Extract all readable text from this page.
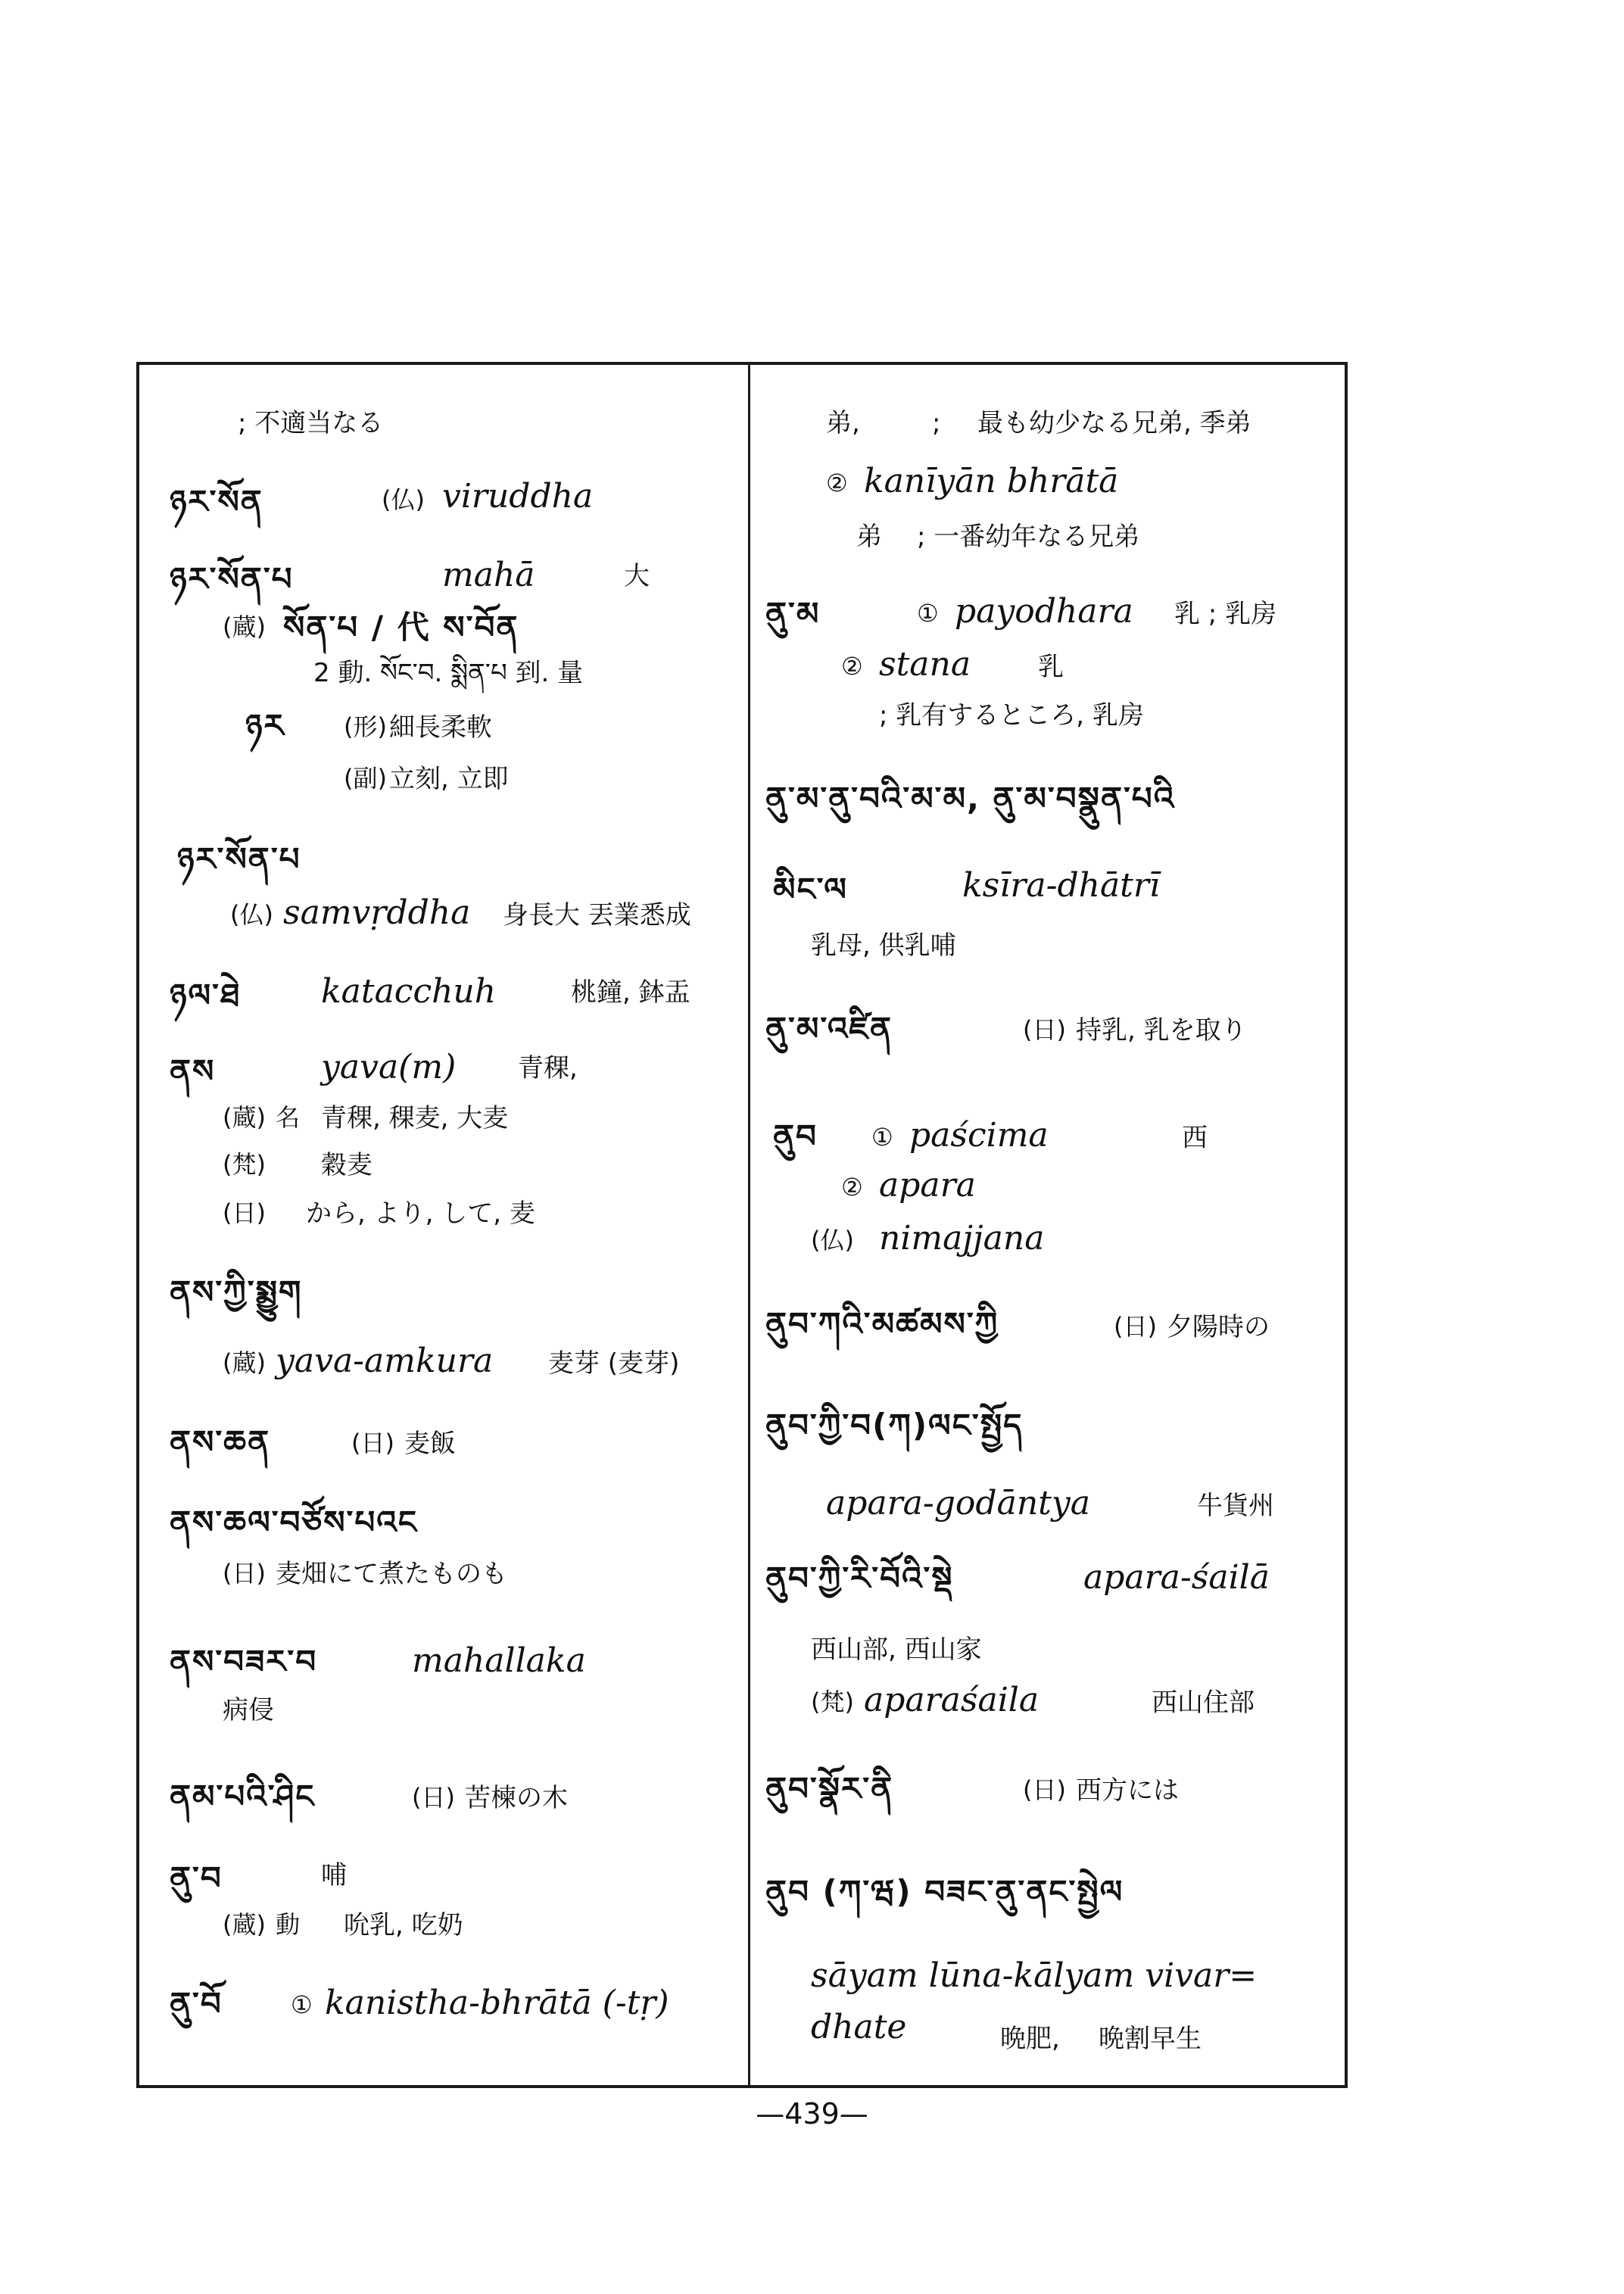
; 不適当なる
ཉར་སོན	(仏) viruddha
ཉར་སོན་པ	mahā	大
(蔵) སོན་པ / 代 ས་བོན
2 動. སོང་བ. སྨིན་པ 到. 量
ཉར (形) 細長柔軟
(副) 立刻, 立即
ཉར་སོན་པ
(仏) samvṛddha 身長大 丟業悉成
ཉལ་ཐེ katacchuh	桃鐘, 鉢盂
ནས	yava(m) 青稞,
(蔵) 名 青稞, 稞麦, 大麦
(梵) 穀麦
(日) から, より, して, 麦
ནས་ཀྱི་སྨྱུག
(蔵) yava-amkura 麦芽 (麦芽)
ནས་ཆན	(日) 麦飯
ནས་ཆལ་བཙོས་པའང
(日) 麦畑にて煮たものも
ནས་བཟར་བ	mahallaka
病侵
ནམ་པའི་ཤིང	(日) 苦楝の木
ནུ་བ	哺
(蔵) 動 吮乳, 吃奶
ནུ་བོ	① kanistha-bhrātā (-tṛ)
弟,	; 最も幼少なる兄弟, 季弟
② kanīyān bhrātā
弟 ; 一番幼年なる兄弟
ནུ་མ	① payodhara 乳 ; 乳房
② stana	乳
; 乳有するところ, 乳房
ནུ་མ་ནུ་བའི་མ་མ, ནུ་མ་བསྣུན་པའི
མིང་ལ	ksīra-dhātrī
乳母, 供乳哺
ནུ་མ་འཛིན	(日) 持乳, 乳を取り
ནུབ ① paścima	西
② apara
(仏) nimajjana
ནུབ་ཀའི་མཚམས་ཀྱི	(日) 夕陽時の
ནུབ་ཀྱི་བ(ཀ)ལང་སྤྱོད
apara-godāntya	牛貨州
ནུབ་ཀྱི་རི་བོའི་སྡེ	apara-śailā
西山部, 西山家
(梵) aparaśaila	西山住部
ནུབ་སྣོར་ནི	(日) 西方には
ནུབ (ཀ་ཝ) བཟང་ནུ་ནང་སྤྱེལ
sāyam lūna-kālyam vivar=
dhate	晩肥, 晩割早生
—439—
